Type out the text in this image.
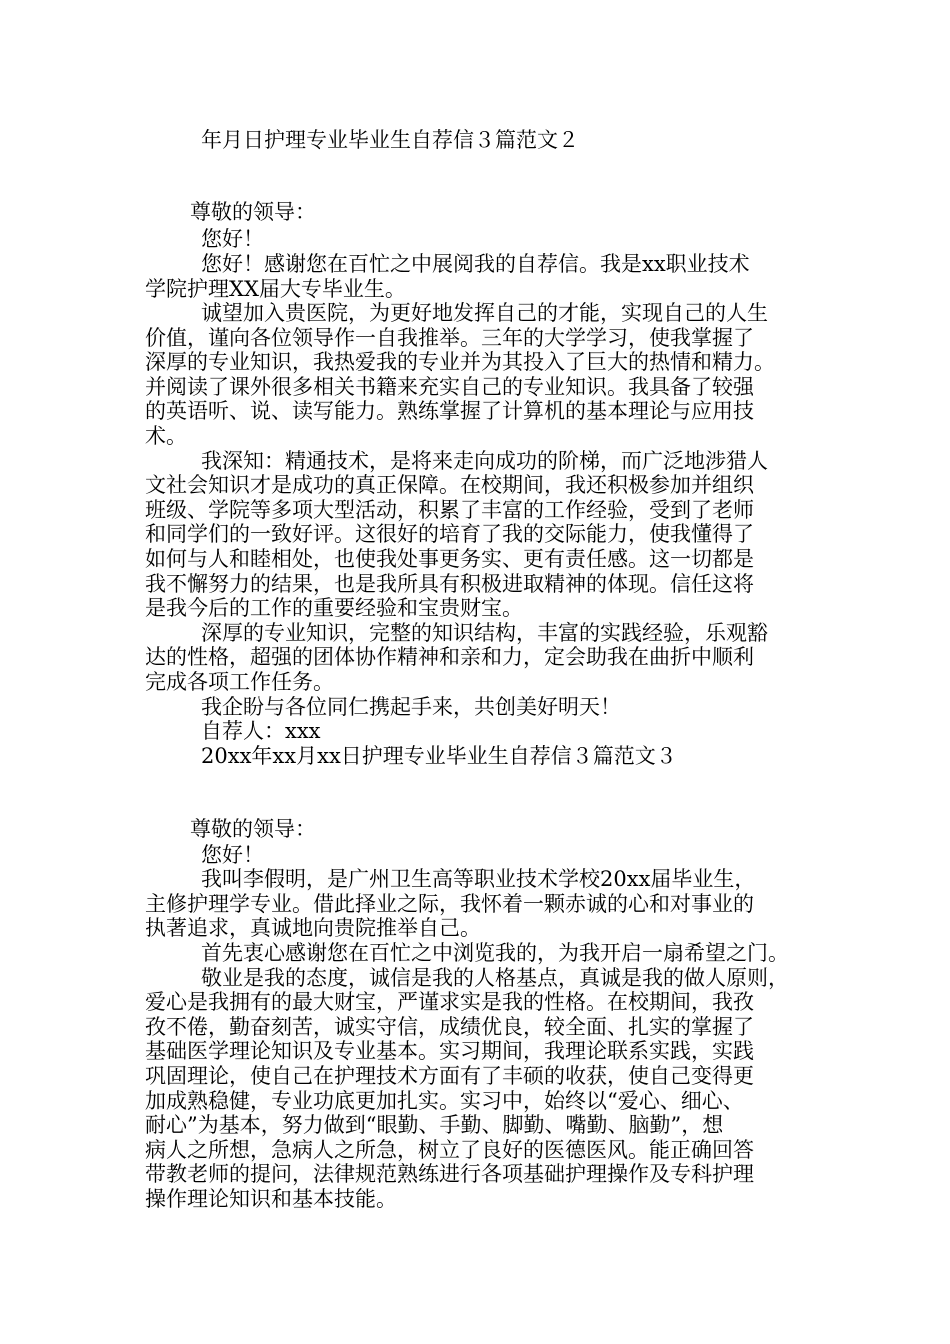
年月日护理专业毕业生自荐信３篇范文２
尊敬的领导：
您好！
您好！感谢您在百忙之中展阅我的自荐信。我是xx职业技术
学院护理XX届大专毕业生。
诚望加入贵医院，为更好地发挥自己的才能，实现自己的人生
价值，谨向各位领导作一自我推举。三年的大学学习，使我掌握了
深厚的专业知识，我热爱我的专业并为其投入了巨大的热情和精力。
并阅读了课外很多相关书籍来充实自己的专业知识。我具备了较强
的英语听、说、读写能力。熟练掌握了计算机的基本理论与应用技
术。
我深知：精通技术，是将来走向成功的阶梯，而广泛地涉猎人
文社会知识才是成功的真正保障。在校期间，我还积极参加并组织
班级、学院等多项大型活动，积累了丰富的工作经验，受到了老师
和同学们的一致好评。这很好的培育了我的交际能力，使我懂得了
如何与人和睦相处，也使我处事更务实、更有责任感。这一切都是
我不懈努力的结果，也是我所具有积极进取精神的体现。信任这将
是我今后的工作的重要经验和宝贵财宝。
深厚的专业知识，完整的知识结构，丰富的实践经验，乐观豁
达的性格，超强的团体协作精神和亲和力，定会助我在曲折中顺利
完成各项工作任务。
我企盼与各位同仁携起手来，共创美好明天！
自荐人：xxx
20xx年xx月xx日护理专业毕业生自荐信３篇范文３
尊敬的领导：
您好！
我叫李假明，是广州卫生高等职业技术学校20xx届毕业生，
主修护理学专业。借此择业之际，我怀着一颗赤诚的心和对事业的
执著追求，真诚地向贵院推举自己。
首先衷心感谢您在百忙之中浏览我的，为我开启一扇希望之门。
敬业是我的态度，诚信是我的人格基点，真诚是我的做人原则，
爱心是我拥有的最大财宝，严谨求实是我的性格。在校期间，我孜
孜不倦，勤奋刻苦，诚实守信，成绩优良，较全面、扎实的掌握了
基础医学理论知识及专业基本。实习期间，我理论联系实践，实践
巩固理论，使自己在护理技术方面有了丰硕的收获，使自己变得更
加成熟稳健，专业功底更加扎实。实习中，始终以“爱心、细心、
耐心”为基本，努力做到“眼勤、手勤、脚勤、嘴勤、脑勤”，想
病人之所想，急病人之所急，树立了良好的医德医风。能正确回答
带教老师的提问，法律规范熟练进行各项基础护理操作及专科护理
操作理论知识和基本技能。
